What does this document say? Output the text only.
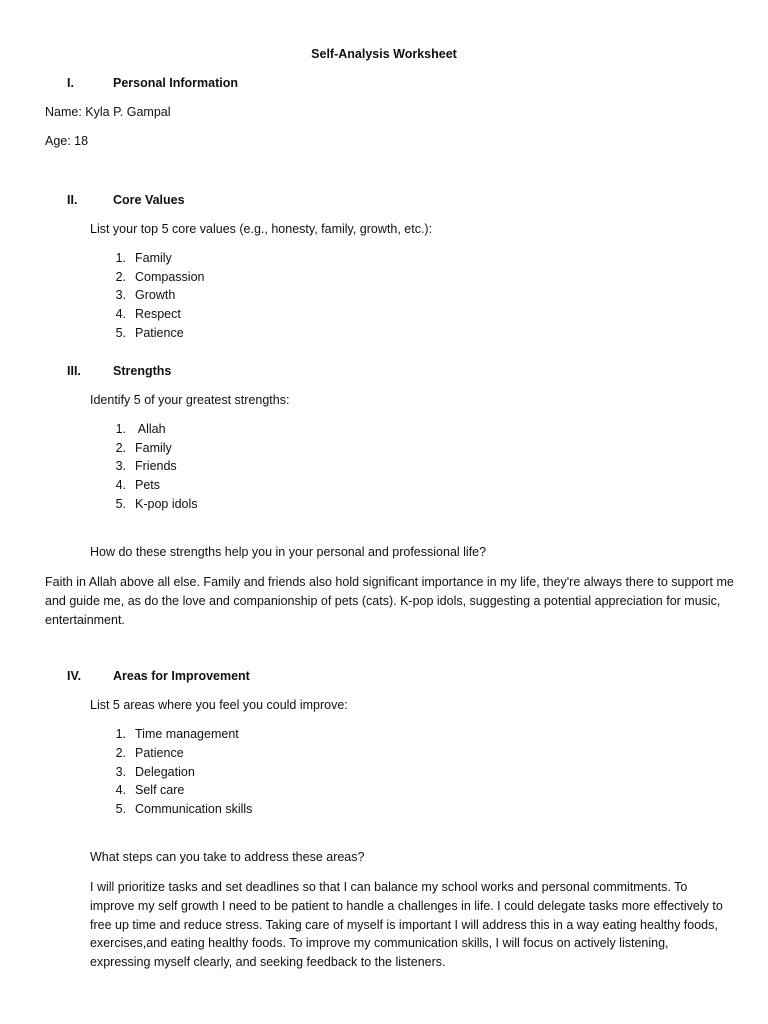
Self-Analysis Worksheet
I.	Personal Information
Name: Kyla P. Gampal
Age: 18
II.	Core Values
List your top 5 core values (e.g., honesty, family, growth, etc.):
1. Family
2. Compassion
3. Growth
4. Respect
5. Patience
III.	Strengths
Identify 5 of your greatest strengths:
1. Allah
2. Family
3. Friends
4. Pets
5. K-pop idols
How do these strengths help you in your personal and professional life?

Faith in Allah above all else. Family and friends also hold significant importance in my life, they're always there to support me and guide me, as do the love and companionship of pets (cats). K-pop idols, suggesting a potential appreciation for music, entertainment.

IV.	Areas for Improvement
List 5 areas where you feel you could improve:
1. Time management
2. Patience
3. Delegation
4. Self care
5. Communication skills
What steps can you take to address these areas?

I will prioritize tasks and set deadlines so that I can balance my school works and personal commitments. To improve my self growth I need to be patient to handle a challenges in life. I could delegate tasks more effectively to free up time and reduce stress. Taking care of myself is important I will address this in a way eating healthy foods, exercises,and eating healthy foods. To improve my communication skills, I will focus on actively listening, expressing myself clearly, and seeking feedback to the listeners.
